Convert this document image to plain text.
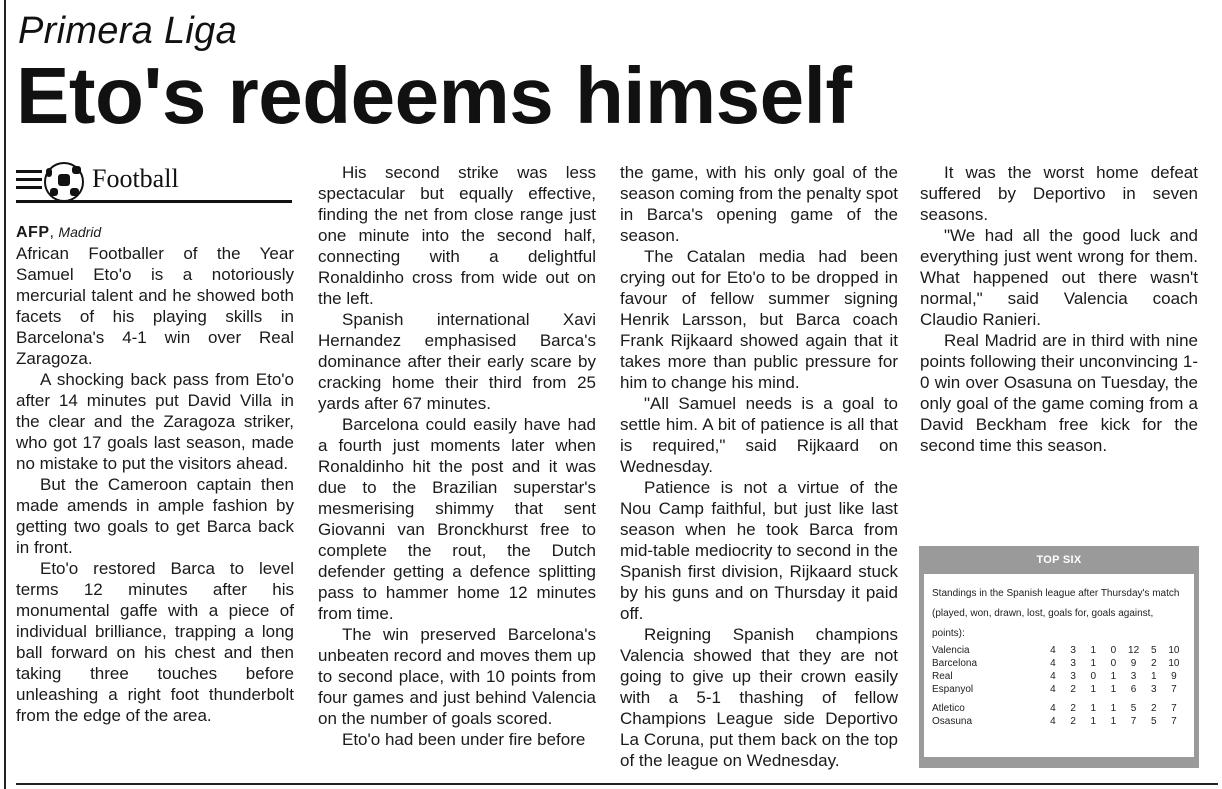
Primera Liga
Eto's redeems himself
Football

AFP, Madrid

African Footballer of the Year Samuel Eto'o is a notoriously mercurial talent and he showed both facets of his playing skills in Barcelona's 4-1 win over Real Zaragoza.

A shocking back pass from Eto'o after 14 minutes put David Villa in the clear and the Zaragoza striker, who got 17 goals last season, made no mistake to put the visitors ahead.

But the Cameroon captain then made amends in ample fashion by getting two goals to get Barca back in front.

Eto'o restored Barca to level terms 12 minutes after his monumental gaffe with a piece of individual brilliance, trapping a long ball forward on his chest and then taking three touches before unleashing a right foot thunderbolt from the edge of the area.

His second strike was less spectacular but equally effective, finding the net from close range just one minute into the second half, connecting with a delightful Ronaldinho cross from wide out on the left.

Spanish international Xavi Hernandez emphasised Barca's dominance after their early scare by cracking home their third from 25 yards after 67 minutes.

Barcelona could easily have had a fourth just moments later when Ronaldinho hit the post and it was due to the Brazilian superstar's mesmerising shimmy that sent Giovanni van Bronckhurst free to complete the rout, the Dutch defender getting a defence splitting pass to hammer home 12 minutes from time.

The win preserved Barcelona's unbeaten record and moves them up to second place, with 10 points from four games and just behind Valencia on the number of goals scored.

Eto'o had been under fire before

the game, with his only goal of the season coming from the penalty spot in Barca's opening game of the season.

The Catalan media had been crying out for Eto'o to be dropped in favour of fellow summer signing Henrik Larsson, but Barca coach Frank Rijkaard showed again that it takes more than public pressure for him to change his mind.

"All Samuel needs is a goal to settle him. A bit of patience is all that is required," said Rijkaard on Wednesday.

Patience is not a virtue of the Nou Camp faithful, but just like last season when he took Barca from mid-table mediocrity to second in the Spanish first division, Rijkaard stuck by his guns and on Thursday it paid off.

Reigning Spanish champions Valencia showed that they are not going to give up their crown easily with a 5-1 thashing of fellow Champions League side Deportivo La Coruna, put them back on the top of the league on Wednesday.

It was the worst home defeat suffered by Deportivo in seven seasons.

"We had all the good luck and everything just went wrong for them. What happened out there wasn't normal," said Valencia coach Claudio Ranieri.

Real Madrid are in third with nine points following their unconvincing 1-0 win over Osasuna on Tuesday, the only goal of the game coming from a David Beckham free kick for the second time this season.

TOP SIX
Standings in the Spanish league after Thursday's match (played, won, drawn, lost, goals for, goals against, points):
Valencia	4	3	1	0	12	5	10
Barcelona	4	3	1	0	9	2	10
Real	4	3	0	1	3	1	9
Espanyol	4	2	1	1	6	3	7
Atletico	4	2	1	1	5	2	7
Osasuna	4	2	1	1	7	5	7
